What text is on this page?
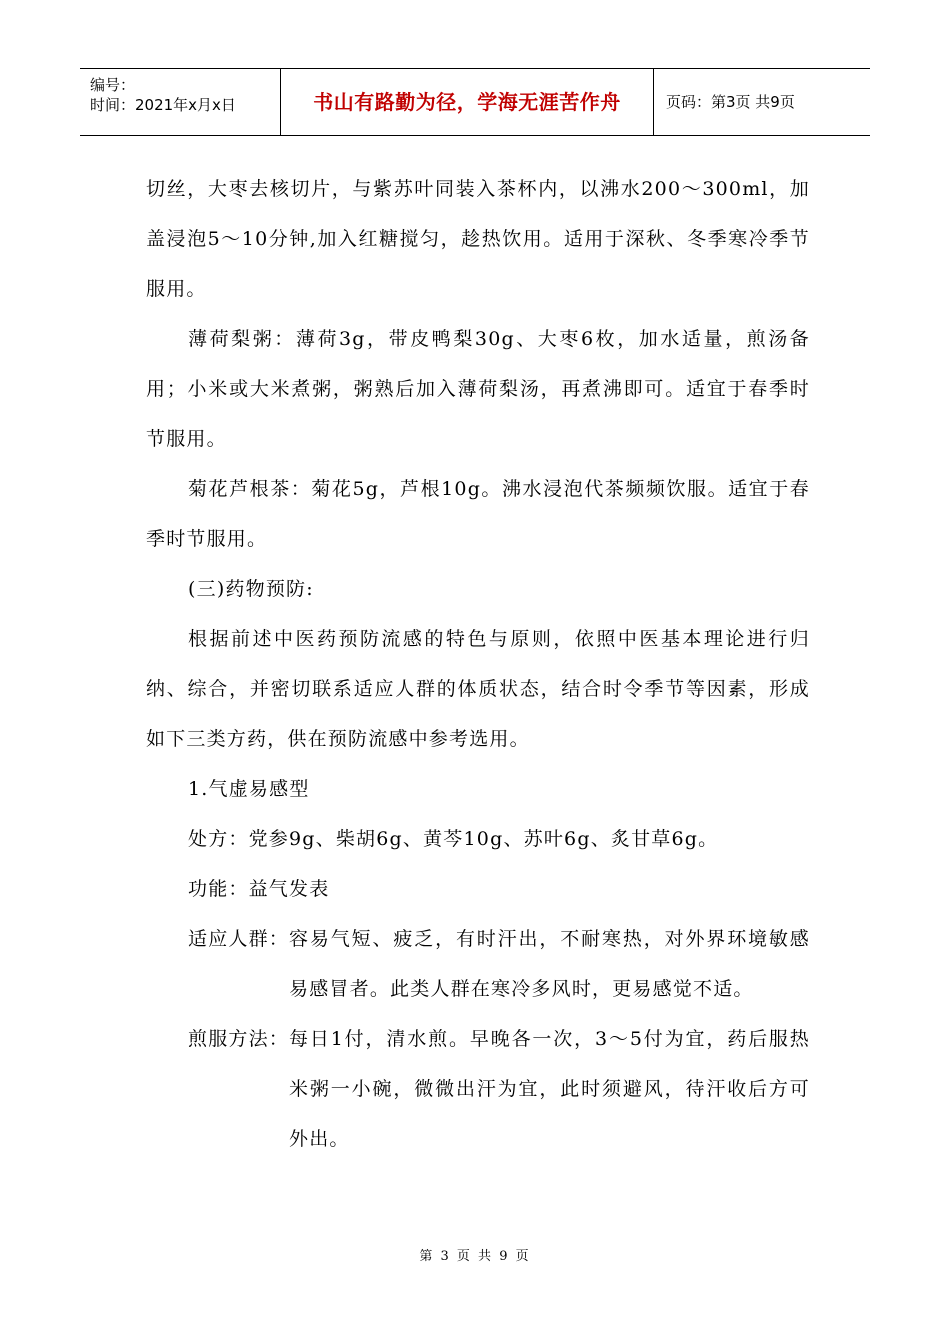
编号：
时间：2021年x月x日	书山有路勤为径，学海无涯苦作舟	页码：第3页 共9页

切丝，大枣去核切片，与紫苏叶同装入茶杯内，以沸水200～300ml，加盖浸泡5～10分钟,加入红糖搅匀，趁热饮用。适用于深秋、冬季寒冷季节服用。

薄荷梨粥：薄荷3g，带皮鸭梨30g、大枣6枚，加水适量，煎汤备用；小米或大米煮粥，粥熟后加入薄荷梨汤，再煮沸即可。适宜于春季时节服用。

菊花芦根茶：菊花5g，芦根10g。沸水浸泡代茶频频饮服。适宜于春季时节服用。

(三)药物预防:

根据前述中医药预防流感的特色与原则，依照中医基本理论进行归纳、综合，并密切联系适应人群的体质状态，结合时令季节等因素，形成如下三类方药，供在预防流感中参考选用。

1.气虚易感型

处方：党参9g、柴胡6g、黄芩10g、苏叶6g、炙甘草6g。

功能：益气发表

适应人群： 容易气短、疲乏，有时汗出，不耐寒热，对外界环境敏感易感冒者。此类人群在寒冷多风时，更易感觉不适。
煎服方法： 每日1付，清水煎。早晚各一次，3～5付为宜，药后服热米粥一小碗，微微出汗为宜，此时须避风，待汗收后方可外出。
第 3 页 共 9 页
